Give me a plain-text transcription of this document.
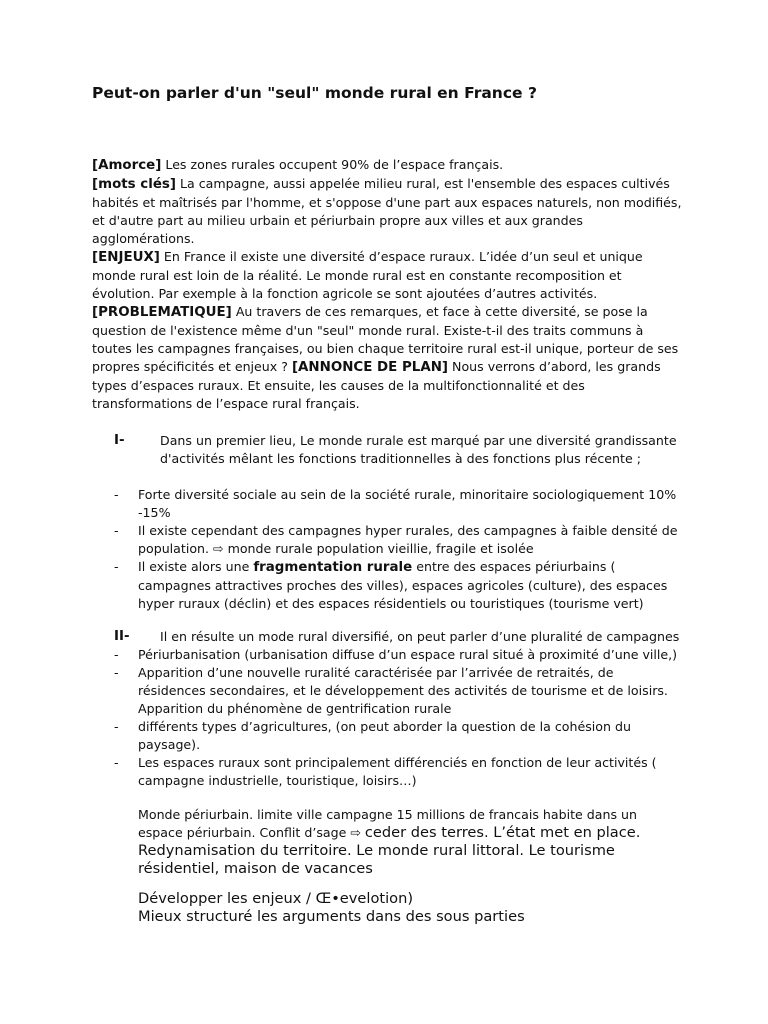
Peut-on parler d'un "seul" monde rural en France ?

[Amorce] Les zones rurales occupent 90% de l’espace français.

[mots clés] La campagne, aussi appelée milieu rural, est l'ensemble des espaces cultivés habités et maîtrisés par l'homme, et s'oppose d'une part aux espaces naturels, non modifiés, et d'autre part au milieu urbain et périurbain propre aux villes et aux grandes agglomérations.

[ENJEUX] En France il existe une diversité d’espace ruraux. L’idée d’un seul et unique monde rural est loin de la réalité. Le monde rural est en constante recomposition et évolution. Par exemple à la fonction agricole se sont ajoutées d’autres activités.

[PROBLEMATIQUE] Au travers de ces remarques, et face à cette diversité, se pose la question de l'existence même d'un "seul" monde rural. Existe-t-il des traits communs à toutes les campagnes françaises, ou bien chaque territoire rural est-il unique, porteur de ses propres spécificités et enjeux ? [ANNONCE DE PLAN] Nous verrons d’abord, les grands types d’espaces ruraux. Et ensuite, les causes de la multifonctionnalité et des transformations de l’espace rural français.

I-	Dans un premier lieu, Le monde rurale est marqué par une diversité grandissante d'activités mêlant les fonctions traditionnelles à des fonctions plus récente ;
- Forte diversité sociale au sein de la société rurale, minoritaire sociologiquement 10% -15%
- Il existe cependant des campagnes hyper rurales, des campagnes à faible densité de population. ⇨ monde rurale population vieillie, fragile et isolée
- Il existe alors une fragmentation rurale entre des espaces périurbains ( campagnes attractives proches des villes), espaces agricoles (culture), des espaces hyper ruraux (déclin) et des espaces résidentiels ou touristiques (tourisme vert)
II-	Il en résulte un mode rural diversifié, on peut parler d’une pluralité de campagnes
- Périurbanisation (urbanisation diffuse d’un espace rural situé à proximité d’une ville,)
- Apparition d’une nouvelle ruralité caractérisée par l’arrivée de retraités, de résidences secondaires, et le développement des activités de tourisme et de loisirs. Apparition du phénomène de gentrification rurale
- différents types d’agricultures, (on peut aborder la question de la cohésion du paysage).
- Les espaces ruraux sont principalement différenciés en fonction de leur activités ( campagne industrielle, touristique, loisirs…)

Monde périurbain. limite ville campagne 15 millions de francais habite dans un espace périurbain. Conflit d’sage ⇨ ceder des terres. L’état met en place. Redynamisation du territoire. Le monde rural littoral. Le tourisme résidentiel, maison de vacances

Développer les enjeux / Œ•evelotion)

Mieux structuré les arguments dans des sous parties
